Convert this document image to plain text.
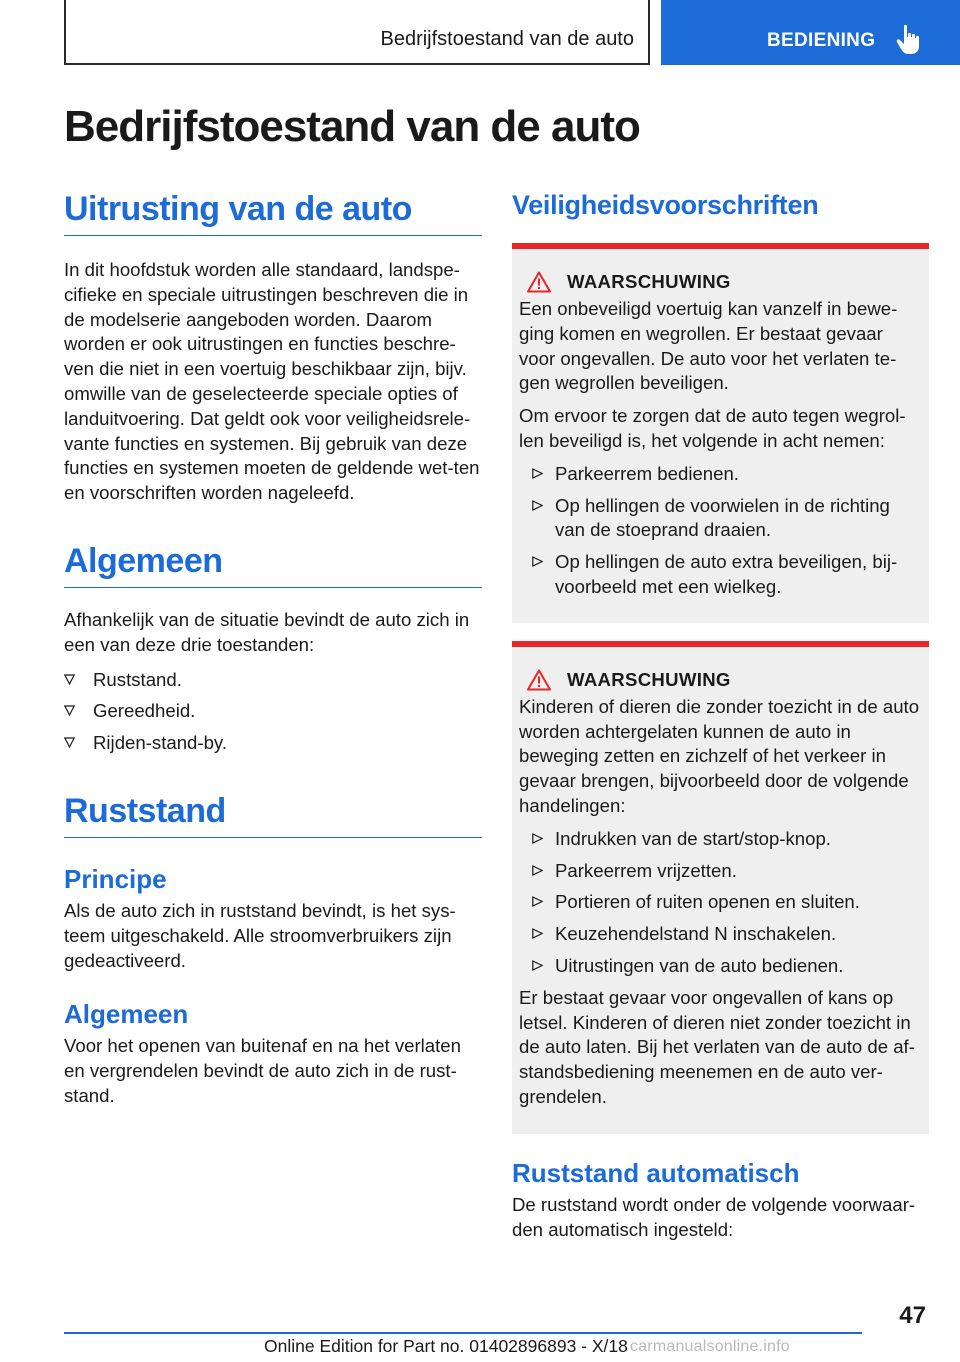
Bedrijfstoestand van de auto	BEDIENING
Bedrijfstoestand van de auto
Uitrusting van de auto

In dit hoofdstuk worden alle standaard, landspe-cifieke en speciale uitrustingen beschreven die in de modelserie aangeboden worden. Daarom worden er ook uitrustingen en functies beschre-ven die niet in een voertuig beschikbaar zijn, bijv. omwille van de geselecteerde speciale opties of landuitvoering. Dat geldt ook voor veiligheidsrele-vante functies en systemen. Bij gebruik van deze functies en systemen moeten de geldende wet-ten en voorschriften worden nageleefd.

Algemeen

Afhankelijk van de situatie bevindt de auto zich in een van deze drie toestanden:

Ruststand.
Gereedheid.
Rijden-stand-by.
Ruststand
Principe

Als de auto zich in ruststand bevindt, is het sys-teem uitgeschakeld. Alle stroomverbruikers zijn gedeactiveerd.

Algemeen

Voor het openen van buitenaf en na het verlaten en vergrendelen bevindt de auto zich in de rust-stand.

Veiligheidsvoorschriften
WAARSCHUWING

Een onbeveiligd voertuig kan vanzelf in bewe-ging komen en wegrollen. Er bestaat gevaar voor ongevallen. De auto voor het verlaten te-gen wegrollen beveiligen.

Om ervoor te zorgen dat de auto tegen wegrol-len beveiligd is, het volgende in acht nemen:

Parkeerrem bedienen.
Op hellingen de voorwielen in de richting van de stoeprand draaien.
Op hellingen de auto extra beveiligen, bij-voorbeeld met een wielkeg.
WAARSCHUWING

Kinderen of dieren die zonder toezicht in de auto worden achtergelaten kunnen de auto in beweging zetten en zichzelf of het verkeer in gevaar brengen, bijvoorbeeld door de volgende handelingen:

Indrukken van de start/stop-knop.
Parkeerrem vrijzetten.
Portieren of ruiten openen en sluiten.
Keuzehendelstand N inschakelen.
Uitrustingen van de auto bedienen.

Er bestaat gevaar voor ongevallen of kans op letsel. Kinderen of dieren niet zonder toezicht in de auto laten. Bij het verlaten van de auto de af-standsbediening meenemen en de auto ver-grendelen.

Ruststand automatisch

De ruststand wordt onder de volgende voorwaar-den automatisch ingesteld:

47
Online Edition for Part no. 01402896893 - X/18 carmanualsonline.info
